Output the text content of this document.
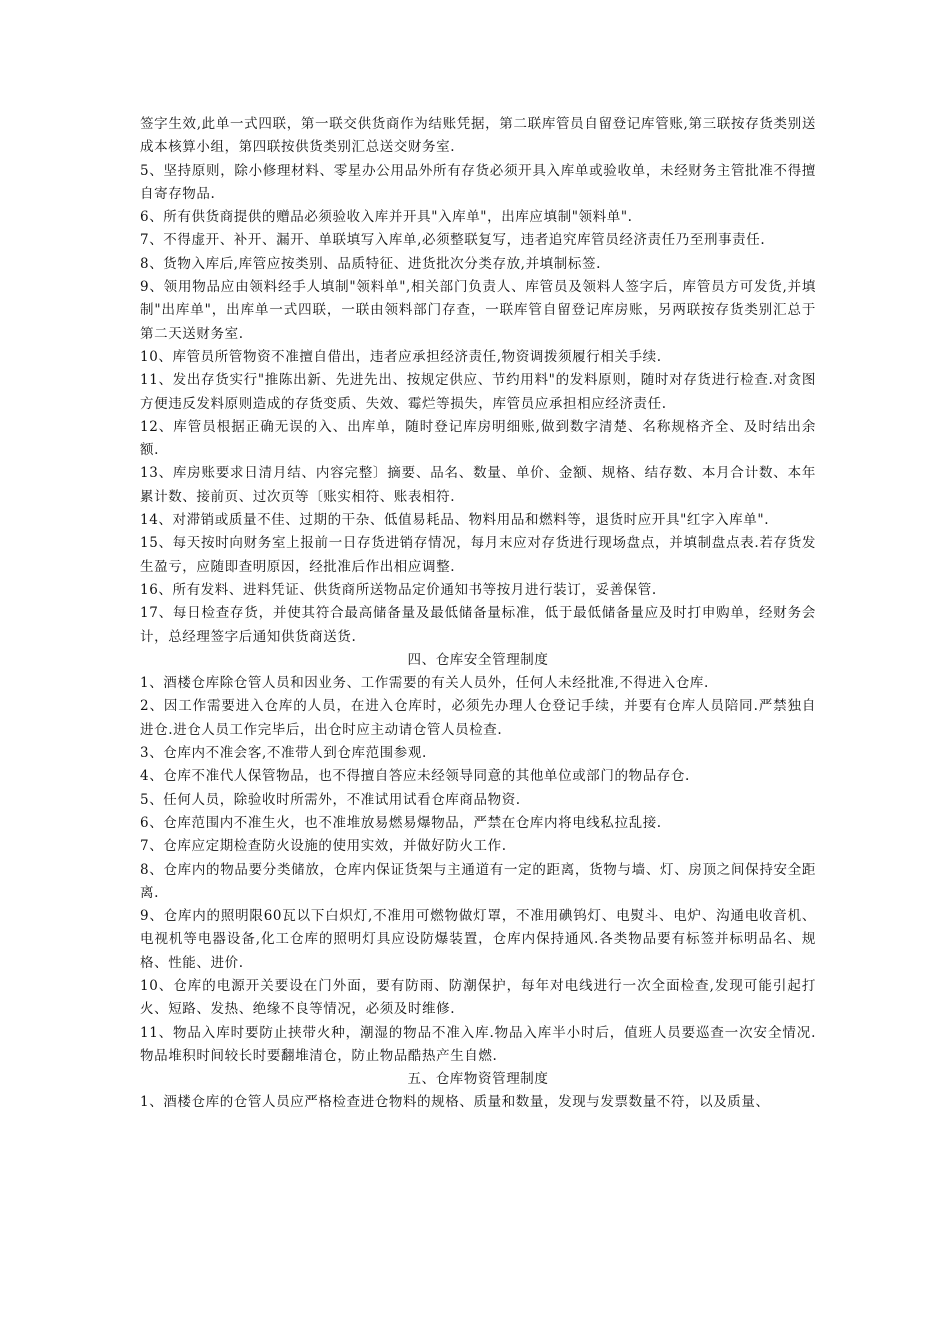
签字生效,此单一式四联，第一联交供货商作为结账凭据，第二联库管员自留登记库管账,第三联按存货类别送成本核算小组，第四联按供货类别汇总送交财务室.

5、坚持原则，除小修理材料、零星办公用品外所有存货必须开具入库单或验收单，未经财务主管批准不得擅自寄存物品.

6、所有供货商提供的赠品必须验收入库并开具"入库单"，出库应填制"领料单".

7、不得虚开、补开、漏开、单联填写入库单,必须整联复写，违者追究库管员经济责任乃至刑事责任.

8、货物入库后,库管应按类别、品质特征、进货批次分类存放,并填制标签.

9、领用物品应由领料经手人填制"领料单",相关部门负责人、库管员及领料人签字后，库管员方可发货,并填制"出库单"，出库单一式四联，一联由领料部门存查，一联库管自留登记库房账，另两联按存货类别汇总于第二天送财务室.

10、库管员所管物资不准擅自借出，违者应承担经济责任,物资调拨须履行相关手续.

11、发出存货实行"推陈出新、先进先出、按规定供应、节约用料"的发料原则，随时对存货进行检查.对贪图方便违反发料原则造成的存货变质、失效、霉烂等损失，库管员应承担相应经济责任.

12、库管员根据正确无误的入、出库单，随时登记库房明细账,做到数字清楚、名称规格齐全、及时结出余额.

13、库房账要求日清月结、内容完整〕摘要、品名、数量、单价、金额、规格、结存数、本月合计数、本年累计数、接前页、过次页等〔账实相符、账表相符.

14、对滞销或质量不佳、过期的干杂、低值易耗品、物料用品和燃料等，退货时应开具"红字入库单".

15、每天按时向财务室上报前一日存货进销存情况，每月末应对存货进行现场盘点，并填制盘点表.若存货发生盈亏，应随即查明原因，经批准后作出相应调整.

16、所有发料、进料凭证、供货商所送物品定价通知书等按月进行装订，妥善保管.

17、每日检查存货，并使其符合最高储备量及最低储备量标准，低于最低储备量应及时打申购单，经财务会计，总经理签字后通知供货商送货.

四、仓库安全管理制度

1、酒楼仓库除仓管人员和因业务、工作需要的有关人员外，任何人未经批准,不得进入仓库.

2、因工作需要进入仓库的人员，在进入仓库时，必须先办理人仓登记手续，并要有仓库人员陪同.严禁独自进仓.进仓人员工作完毕后，出仓时应主动请仓管人员检查.

3、仓库内不准会客,不准带人到仓库范围参观.

4、仓库不准代人保管物品，也不得擅自答应未经领导同意的其他单位或部门的物品存仓.

5、任何人员，除验收时所需外，不准试用试看仓库商品物资.

6、仓库范围内不准生火，也不准堆放易燃易爆物品，严禁在仓库内将电线私拉乱接.

7、仓库应定期检查防火设施的使用实效，并做好防火工作.

8、仓库内的物品要分类储放，仓库内保证货架与主通道有一定的距离，货物与墙、灯、房顶之间保持安全距离.

9、仓库内的照明限60瓦以下白炽灯,不准用可燃物做灯罩，不准用碘钨灯、电熨斗、电炉、沟通电收音机、电视机等电器设备,化工仓库的照明灯具应设防爆装置，仓库内保持通风.各类物品要有标签并标明品名、规格、性能、进价.

10、仓库的电源开关要设在门外面，要有防雨、防潮保护，每年对电线进行一次全面检查,发现可能引起打火、短路、发热、绝缘不良等情况，必须及时维修.

11、物品入库时要防止挟带火种，潮湿的物品不准入库.物品入库半小时后，值班人员要巡查一次安全情况.物品堆积时间较长时要翻堆清仓，防止物品酷热产生自燃.

五、仓库物资管理制度

1、酒楼仓库的仓管人员应严格检查进仓物料的规格、质量和数量，发现与发票数量不符，以及质量、
